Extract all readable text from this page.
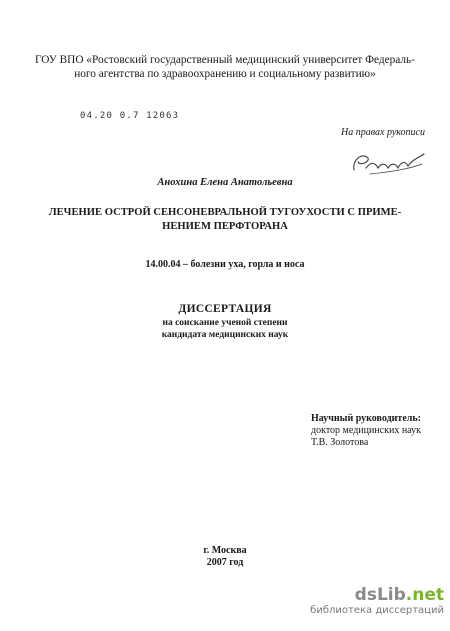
ГОУ ВПО «Ростовский государственный медицинский университет Федераль-
ного агентства по здравоохранению и социальному развитию»
04.20 0.7 12063
На правах рукописи
Анохина Елена Анатольевна
ЛЕЧЕНИЕ ОСТРОЙ СЕНСОНЕВРАЛЬНОЙ ТУГОУХОСТИ С ПРИМЕ-
НЕНИЕМ ПЕРФТОРАНА
14.00.04 – болезни уха, горла и носа
ДИССЕРТАЦИЯ
на соискание ученой степени
кандидата медицинских наук
Научный руководитель:
доктор медицинских наук
Т.В. Золотова
г. Москва
2007 год
dsLib.net
библиотека диссертаций
